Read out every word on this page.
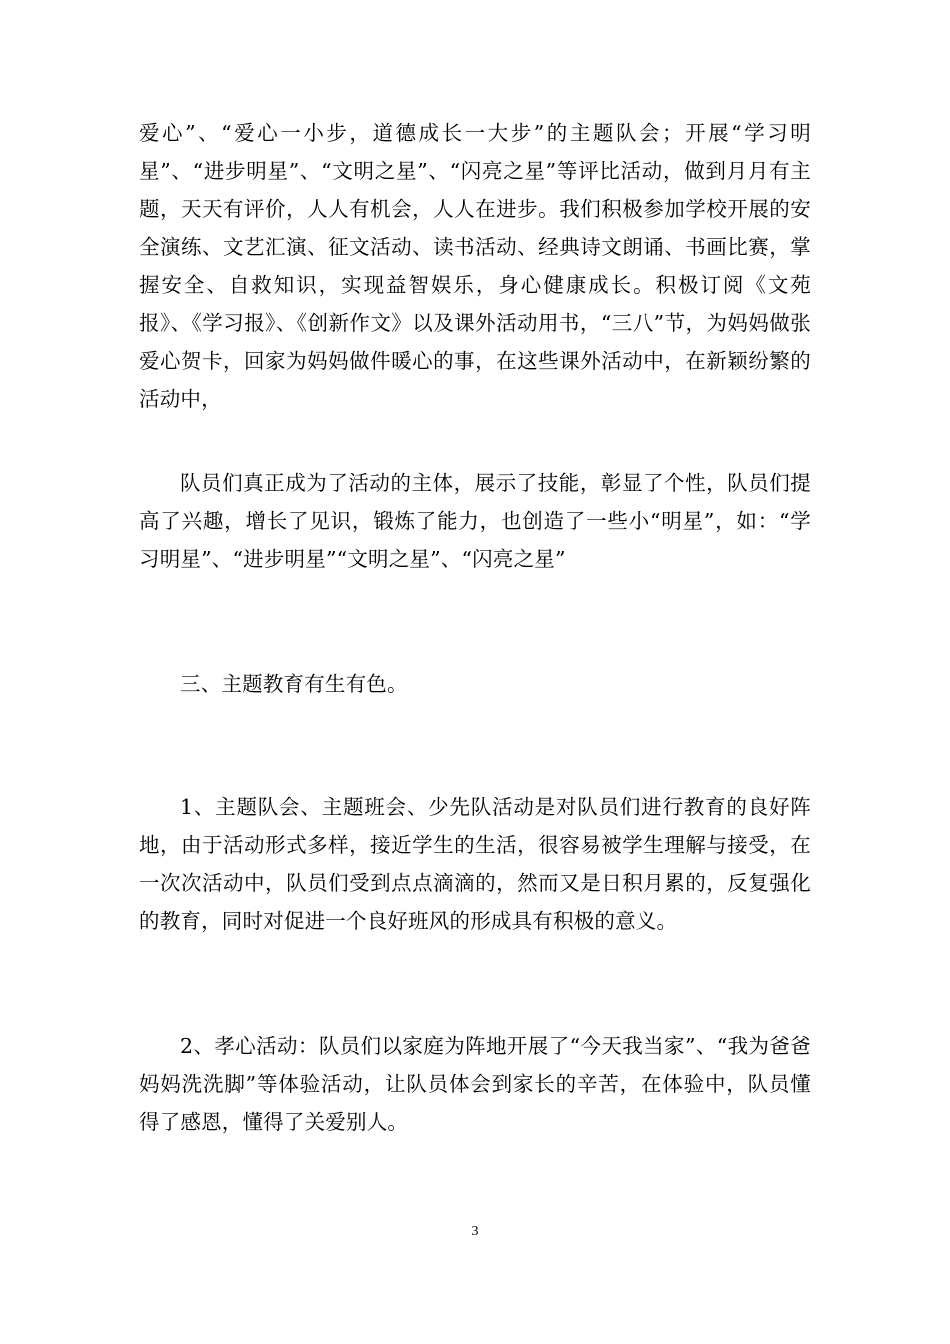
爱心”、“爱心一小步，道德成长一大步”的主题队会；开展“学习明星”、“进步明星”、“文明之星”、“闪亮之星”等评比活动，做到月月有主题，天天有评价，人人有机会，人人在进步。我们积极参加学校开展的安全演练、文艺汇演、征文活动、读书活动、经典诗文朗诵、书画比赛，掌握安全、自救知识，实现益智娱乐，身心健康成长。积极订阅《文苑报》、《学习报》、《创新作文》以及课外活动用书，“三八”节，为妈妈做张爱心贺卡，回家为妈妈做件暖心的事，在这些课外活动中，在新颖纷繁的活动中，

队员们真正成为了活动的主体，展示了技能，彰显了个性，队员们提高了兴趣，增长了见识，锻炼了能力，也创造了一些小“明星”，如：“学习明星”、“进步明星”“文明之星”、“闪亮之星”

三、主题教育有生有色。

1、主题队会、主题班会、少先队活动是对队员们进行教育的良好阵地，由于活动形式多样，接近学生的生活，很容易被学生理解与接受，在一次次活动中，队员们受到点点滴滴的，然而又是日积月累的，反复强化的教育，同时对促进一个良好班风的形成具有积极的意义。

2、孝心活动：队员们以家庭为阵地开展了“今天我当家”、“我为爸爸妈妈洗洗脚”等体验活动，让队员体会到家长的辛苦，在体验中，队员懂得了感恩，懂得了关爱别人。

3
